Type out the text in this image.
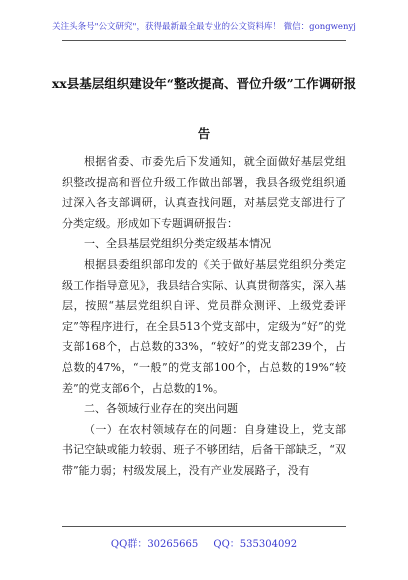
关注头条号"公文研究"，获得最新最全最专业的公文资料库！ 微信：gongwenyj
xx县基层组织建设年“整改提高、晋位升级”工作调研报
告

根据省委、市委先后下发通知，就全面做好基层党组织整改提高和晋位升级工作做出部署，我县各级党组织通过深入各支部调研，认真查找问题，对基层党支部进行了分类定级。形成如下专题调研报告：

一、全县基层党组织分类定级基本情况

根据县委组织部印发的《关于做好基层党组织分类定级工作指导意见》，我县结合实际、认真贯彻落实，深入基层，按照“基层党组织自评、党员群众测评、上级党委评定”等程序进行，在全县513个党支部中，定级为“好”的党支部168个，占总数的33%，“较好”的党支部239个，占总数的47%，“一般”的党支部100个，占总数的19%“较差”的党支部6个，占总数的1%。

二、各领域行业存在的突出问题

（一）在农村领域存在的问题：自身建设上，党支部书记空缺或能力较弱、班子不够团结，后备干部缺乏，“双带”能力弱；村级发展上，没有产业发展路子，没有

QQ群：30265665 QQ：535304092
